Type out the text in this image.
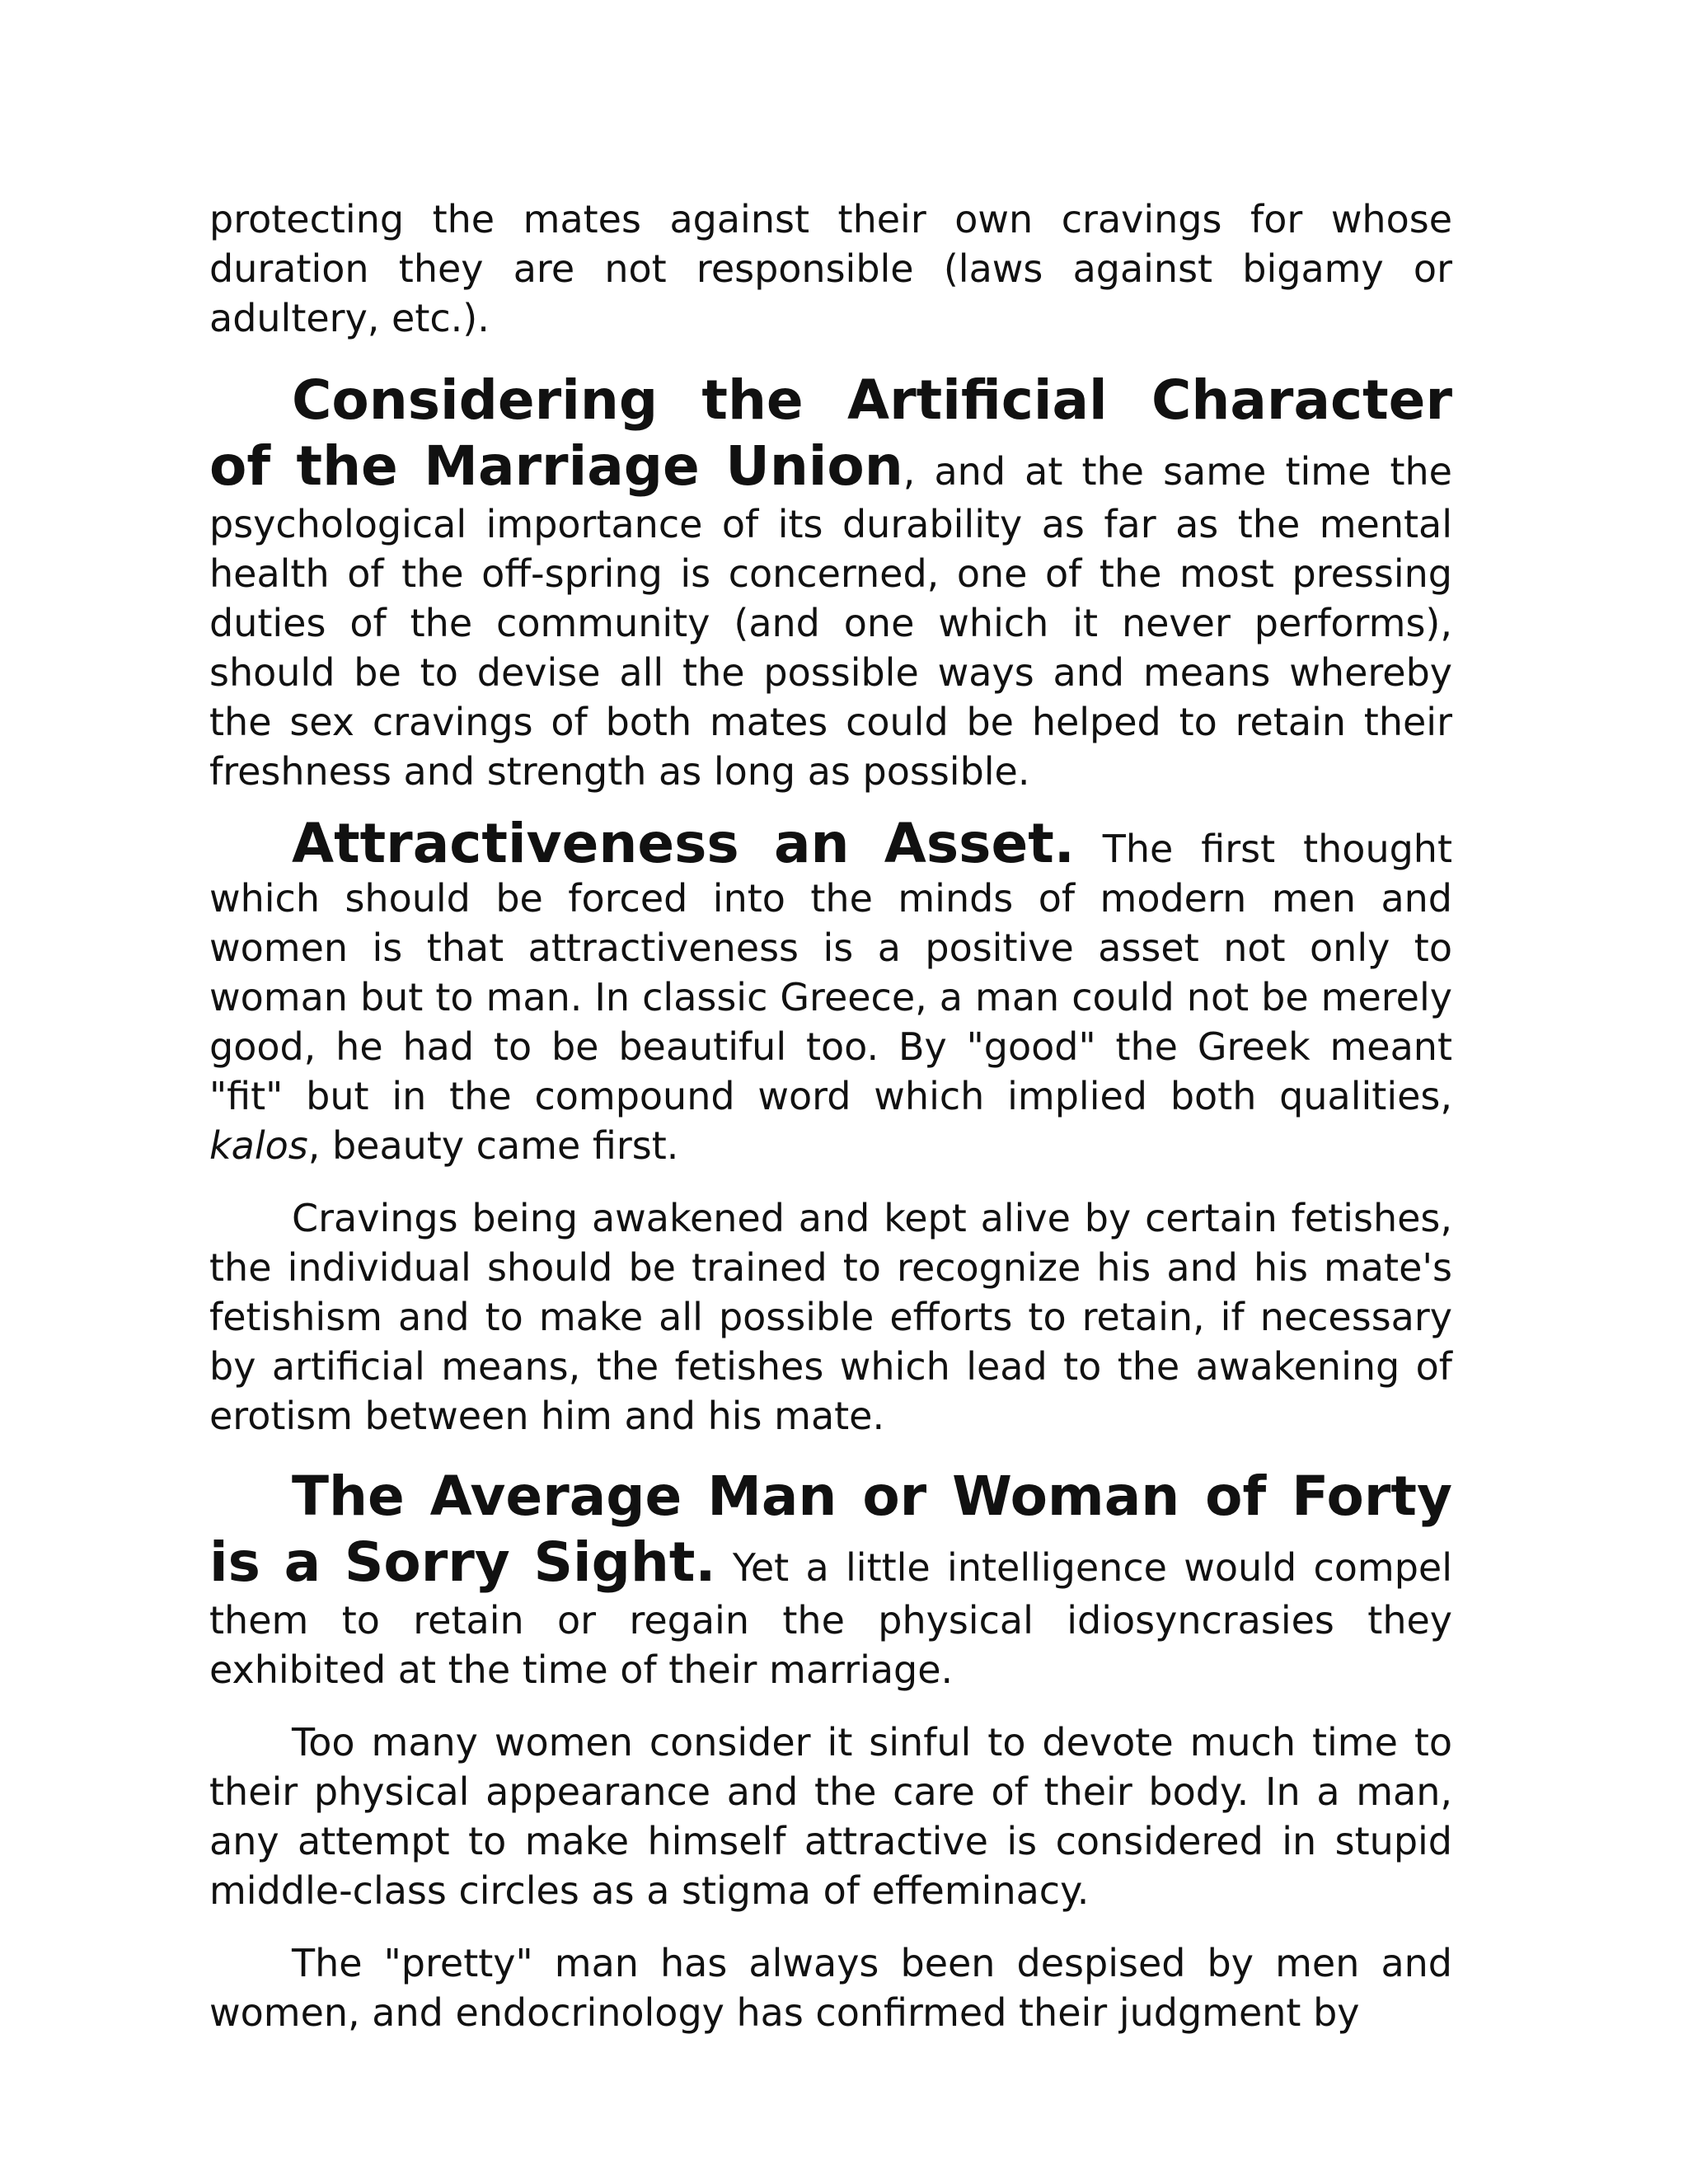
protecting the mates against their own cravings for whose duration they are not responsible (laws against bigamy or adultery, etc.).

Considering the Artificial Character of the Marriage Union, and at the same time the psychological importance of its durability as far as the mental health of the off-spring is concerned, one of the most pressing duties of the community (and one which it never performs), should be to devise all the possible ways and means whereby the sex cravings of both mates could be helped to retain their freshness and strength as long as possible.

Attractiveness an Asset. The first thought which should be forced into the minds of modern men and women is that attractiveness is a positive asset not only to woman but to man. In classic Greece, a man could not be merely good, he had to be beautiful too. By "good" the Greek meant "fit" but in the compound word which implied both qualities, kalos, beauty came first.

Cravings being awakened and kept alive by certain fetishes, the individual should be trained to recognize his and his mate's fetishism and to make all possible efforts to retain, if necessary by artificial means, the fetishes which lead to the awakening of erotism between him and his mate.

The Average Man or Woman of Forty is a Sorry Sight. Yet a little intelligence would compel them to retain or regain the physical idiosyncrasies they exhibited at the time of their marriage.

Too many women consider it sinful to devote much time to their physical appearance and the care of their body. In a man, any attempt to make himself attractive is considered in stupid middle-class circles as a stigma of effeminacy.

The "pretty" man has always been despised by men and women, and endocrinology has confirmed their judgment by
